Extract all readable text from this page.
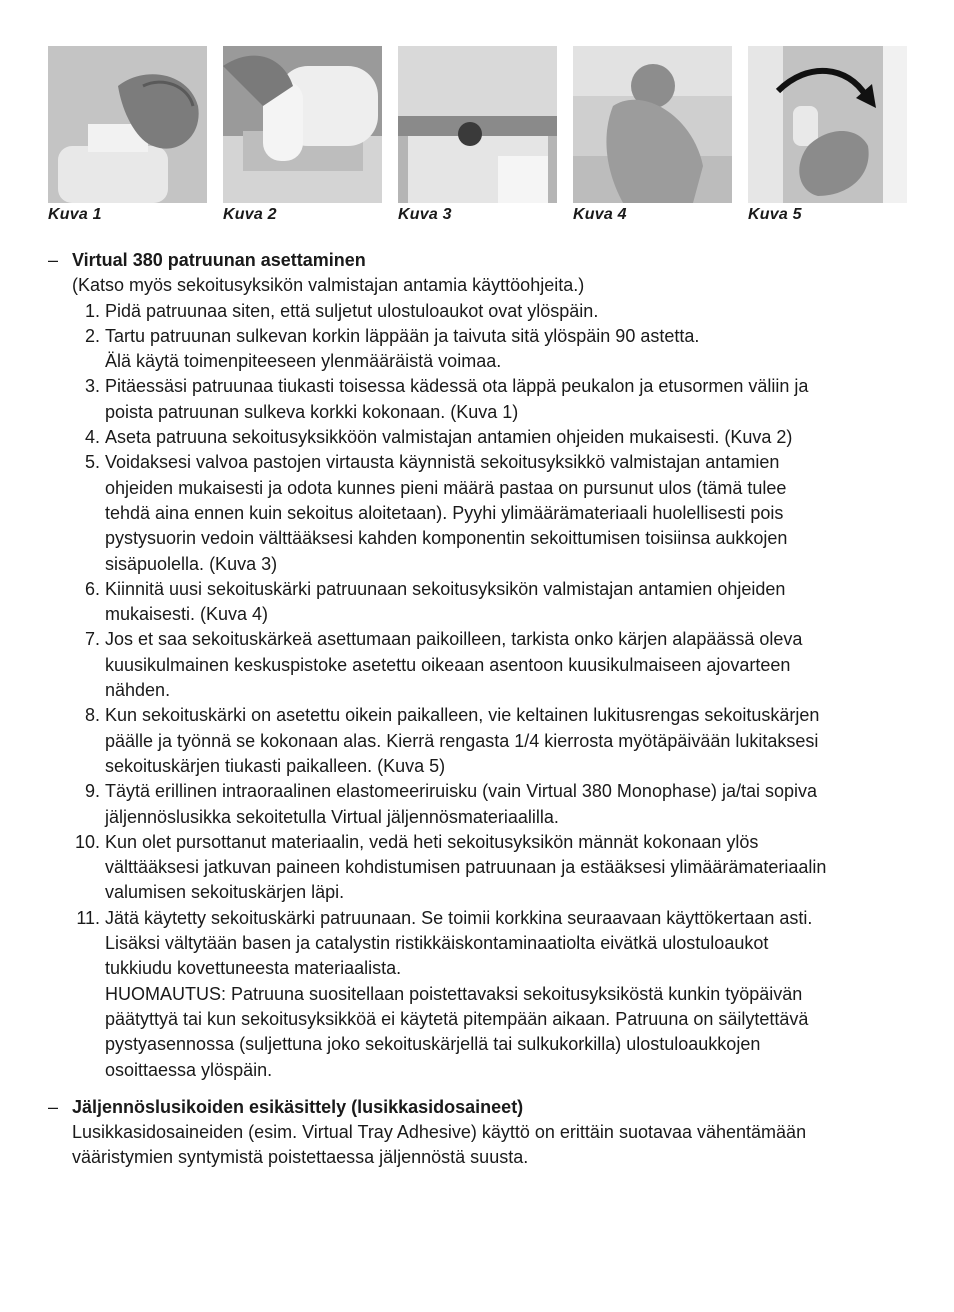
Kuva 1	Kuva 2	Kuva 3	Kuva 4	Kuva 5
– Virtual 380 patruunan asettaminen

(Katso myös sekoitusyksikön valmistajan antamia käyttöohjeita.)

1. Pidä patruunaa siten, että suljetut ulostuloaukot ovat ylöspäin.
2. Tartu patruunan sulkevan korkin läppään ja taivuta sitä ylöspäin 90 astetta.
Älä käytä toimenpiteeseen ylenmääräistä voimaa.
3. Pitäessäsi patruunaa tiukasti toisessa kädessä ota läppä peukalon ja etusormen väliin ja
poista patruunan sulkeva korkki kokonaan. (Kuva 1)
4. Aseta patruuna sekoitusyksikköön valmistajan antamien ohjeiden mukaisesti. (Kuva 2)
5. Voidaksesi valvoa pastojen virtausta käynnistä sekoitusyksikkö valmistajan antamien
ohjeiden mukaisesti ja odota kunnes pieni määrä pastaa on pursunut ulos (tämä tulee
tehdä aina ennen kuin sekoitus aloitetaan). Pyyhi ylimäärämateriaali huolellisesti pois
pystysuorin vedoin välttääksesi kahden komponentin sekoittumisen toisiinsa aukkojen
sisäpuolella. (Kuva 3)
6. Kiinnitä uusi sekoituskärki patruunaan sekoitusyksikön valmistajan antamien ohjeiden
mukaisesti. (Kuva 4)
7. Jos et saa sekoituskärkeä asettumaan paikoilleen, tarkista onko kärjen alapäässä oleva
kuusikulmainen keskuspistoke asetettu oikeaan asentoon kuusikulmaiseen ajovarteen
nähden.
8. Kun sekoituskärki on asetettu oikein paikalleen, vie keltainen lukitusrengas sekoituskärjen
päälle ja työnnä se kokonaan alas. Kierrä rengasta 1/4 kierrosta myötäpäivään lukitaksesi
sekoituskärjen tiukasti paikalleen. (Kuva 5)
9. Täytä erillinen intraoraalinen elastomeeriruisku (vain Virtual 380 Monophase) ja/tai sopiva
jäljennöslusikka sekoitetulla Virtual jäljennösmateriaalilla.
10. Kun olet pursottanut materiaalin, vedä heti sekoitusyksikön männät kokonaan ylös
välttääksesi jatkuvan paineen kohdistumisen patruunaan ja estääksesi ylimäärämateriaalin
valumisen sekoituskärjen läpi.
11. Jätä käytetty sekoituskärki patruunaan. Se toimii korkkina seuraavaan käyttökertaan asti.
Lisäksi vältytään basen ja catalystin ristikkäiskontaminaatiolta eivätkä ulostuloaukot
tukkiudu kovettuneesta materiaalista.
HUOMAUTUS: Patruuna suositellaan poistettavaksi sekoitusyksiköstä kunkin työpäivän
päätyttyä tai kun sekoitusyksikköä ei käytetä pitempään aikaan. Patruuna on säilytettävä
pystyasennossa (suljettuna joko sekoituskärjellä tai sulkukorkilla) ulostuloaukkojen
osoittaessa ylöspäin.
– Jäljennöslusikoiden esikäsittely (lusikkasidosaineet)

Lusikkasidosaineiden (esim. Virtual Tray Adhesive) käyttö on erittäin suotavaa vähentämään
vääristymien syntymistä poistettaessa jäljennöstä suusta.
